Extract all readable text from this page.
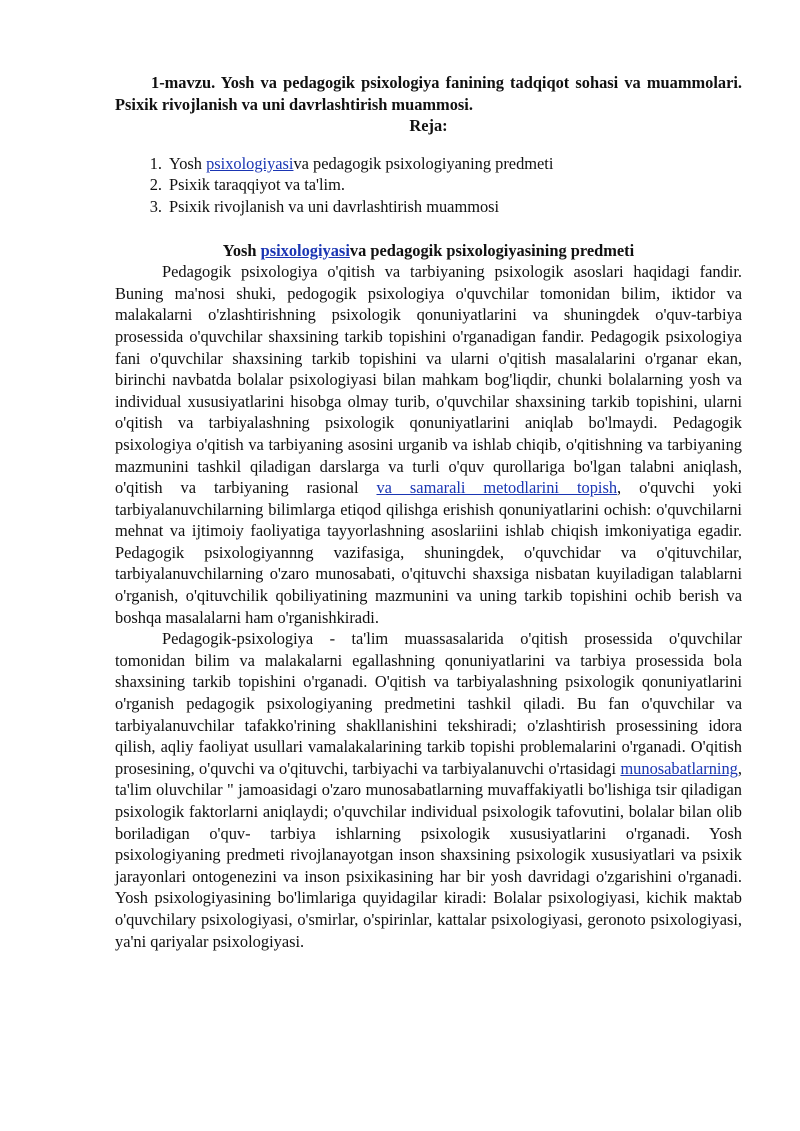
1-mavzu. Yosh va pedagogik psixologiya fanining tadqiqot sohasi va muammolari. Psixik rivojlanish va uni davrlashtirish muammosi.

Reja:

1. Yosh psixologiyasiva pedagogik psixologiyaning predmeti
2. Psixik taraqqiyot va ta'lim.
3. Psixik rivojlanish va uni davrlashtirish muammosi

Yosh psixologiyasiva pedagogik psixologiyasining predmeti

Pedagogik psixologiya o'qitish va tarbiyaning psixologik asoslari haqidagi fandir. Buning ma'nosi shuki, pedogogik psixologiya o'quvchilar tomonidan bilim, iktidor va malakalarni o'zlashtirishning psixologik qonuniyatlarini va shuningdek o'quv-tarbiya prosessida o'quvchilar shaxsining tarkib topishini o'rganadigan fandir. Pedagogik psixologiya fani o'quvchilar shaxsining tarkib topishini va ularni o'qitish masalalarini o'rganar ekan, birinchi navbatda bolalar psixologiyasi bilan mahkam bog'liqdir, chunki bolalarning yosh va individual xususiyatlarini hisobga olmay turib, o'quvchilar shaxsining tarkib topishini, ularni o'qitish va tarbiyalashning psixologik qonuniyatlarini aniqlab bo'lmaydi. Pedagogik psixologiya o'qitish va tarbiyaning asosini urganib va ishlab chiqib, o'qitishning va tarbiyaning mazmunini tashkil qiladigan darslarga va turli o'quv qurollariga bo'lgan talabni aniqlash, o'qitish va tarbiyaning rasional va samarali metodlarini topish, o'quvchi yoki tarbiyalanuvchilarning bilimlarga etiqod qilishga erishish qonuniyatlarini ochish: o'quvchilarni mehnat va ijtimoiy faoliyatiga tayyorlashning asoslariini ishlab chiqish imkoniyatiga egadir. Pedagogik psixologiyannng vazifasiga, shuningdek, o'quvchidar va o'qituvchilar, tarbiyalanuvchilarning o'zaro munosabati, o'qituvchi shaxsiga nisbatan kuyiladigan talablarni o'rganish, o'qituvchilik qobiliyatining mazmunini va uning tarkib topishini ochib berish va boshqa masalalarni ham o'rganishkiradi.

Pedagogik-psixologiya - ta'lim muassasalarida o'qitish prosessida o'quvchilar tomonidan bilim va malakalarni egallashning qonuniyatlarini va tarbiya prosessida bola shaxsining tarkib topishini o'rganadi. O'qitish va tarbiyalashning psixologik qonuniyatlarini o'rganish pedagogik psixologiyaning predmetini tashkil qiladi. Bu fan o'quvchilar va tarbiyalanuvchilar tafakko'rining shakllanishini tekshiradi; o'zlashtirish prosessining idora qilish, aqliy faoliyat usullari vamalakalarining tarkib topishi problemalarini o'rganadi. O'qitish prosesining, o'quvchi va o'qituvchi, tarbiyachi va tarbiyalanuvchi o'rtasidagi munosabatlarning, ta'lim oluvchilar " jamoasidagi o'zaro munosabatlarning muvaffakiyatli bo'lishiga tsir qiladigan psixologik faktorlarni aniqlaydi; o'quvchilar individual psixologik tafovutini, bolalar bilan olib boriladigan o'quv- tarbiya ishlarning psixologik xususiyatlarini o'rganadi. Yosh psixologiyaning predmeti rivojlanayotgan inson shaxsining psixologik xususiyatlari va psixik jarayonlari ontogenezini va inson psixikasining har bir yosh davridagi o'zgarishini o'rganadi. Yosh psixologiyasining bo'limlariga quyidagilar kiradi: Bolalar psixologiyasi, kichik maktab o'quvchilary psixologiyasi, o'smirlar, o'spirinlar, kattalar psixologiyasi, geronoto psixologiyasi, ya'ni qariyalar psixologiyasi.
